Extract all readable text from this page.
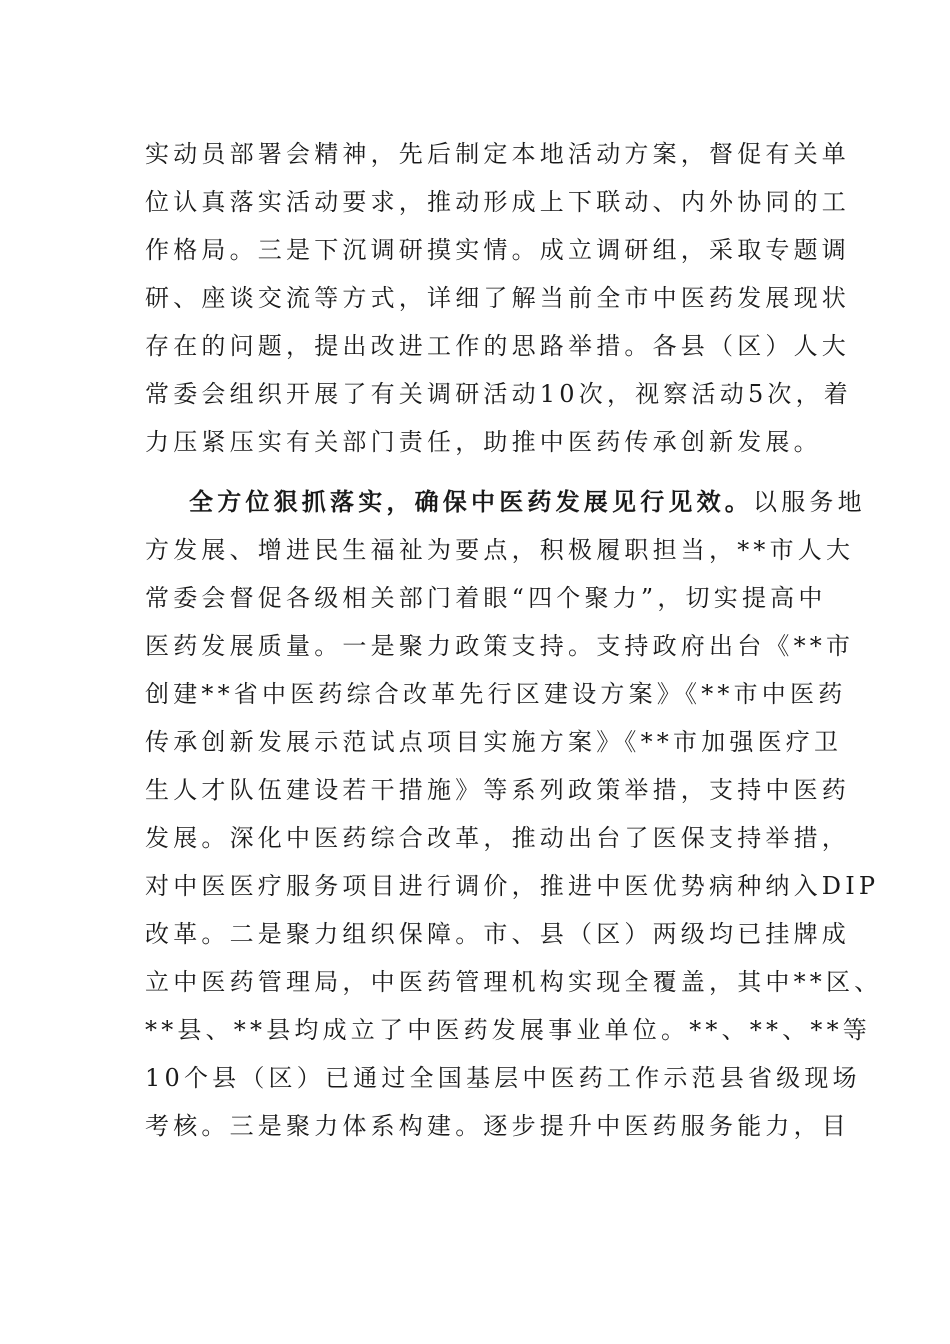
实动员部署会精神，先后制定本地活动方案，督促有关单
位认真落实活动要求，推动形成上下联动、内外协同的工
作格局。三是下沉调研摸实情。成立调研组，采取专题调
研、座谈交流等方式，详细了解当前全市中医药发展现状
存在的问题，提出改进工作的思路举措。各县（区）人大
常委会组织开展了有关调研活动10次，视察活动5次，着
力压紧压实有关部门责任，助推中医药传承创新发展。
全方位狠抓落实，确保中医药发展见行见效。以服务地
方发展、增进民生福祉为要点，积极履职担当，**市人大
常委会督促各级相关部门着眼“四个聚力”，切实提高中
医药发展质量。一是聚力政策支持。支持政府出台《**市
创建**省中医药综合改革先行区建设方案》《**市中医药
传承创新发展示范试点项目实施方案》《**市加强医疗卫
生人才队伍建设若干措施》等系列政策举措，支持中医药
发展。深化中医药综合改革，推动出台了医保支持举措，
对中医医疗服务项目进行调价，推进中医优势病种纳入DIP
改革。二是聚力组织保障。市、县（区）两级均已挂牌成
立中医药管理局，中医药管理机构实现全覆盖，其中**区、
**县、**县均成立了中医药发展事业单位。**、**、**等
10个县（区）已通过全国基层中医药工作示范县省级现场
考核。三是聚力体系构建。逐步提升中医药服务能力，目
